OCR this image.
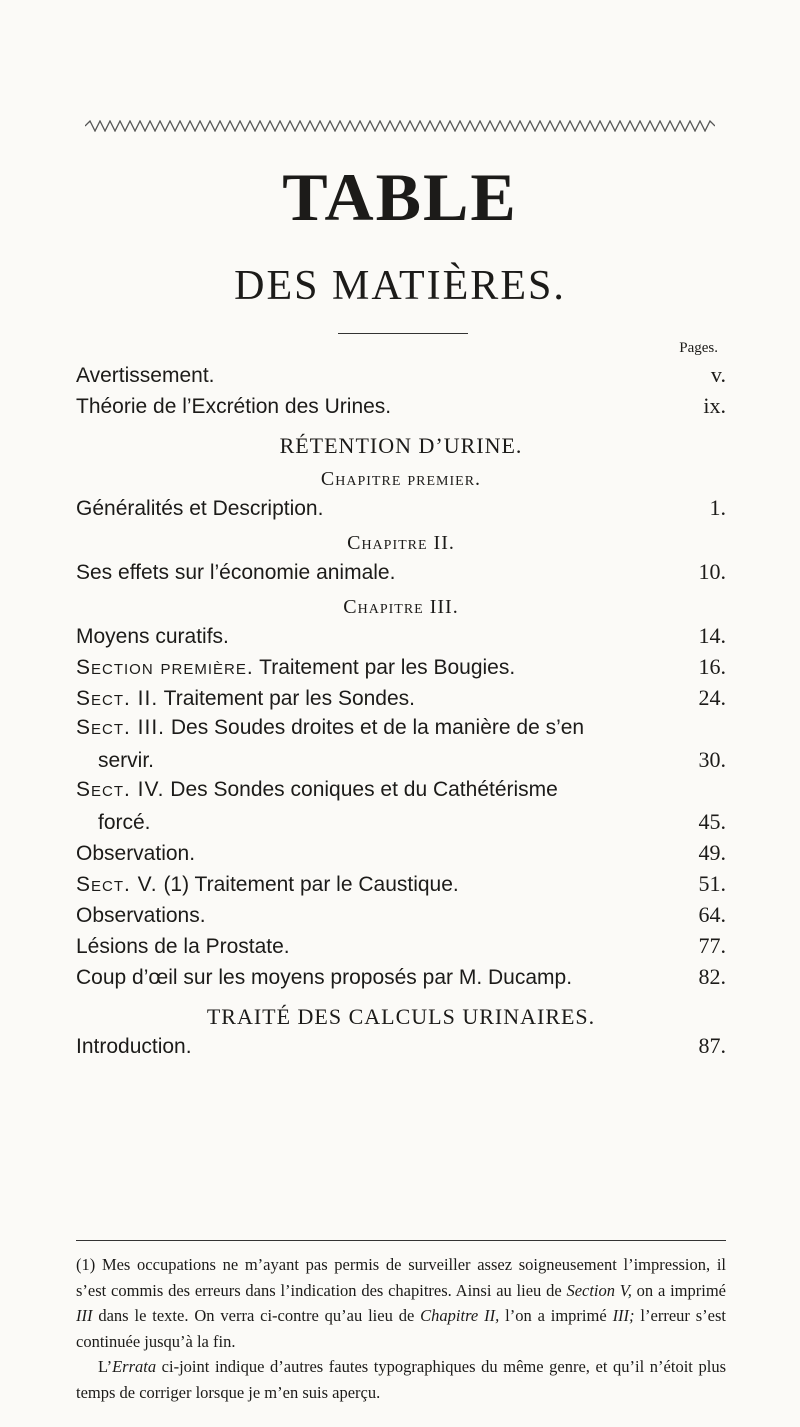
TABLE
DES MATIÈRES.
Pages.
Avertissement.	v.
Théorie de l’Excrétion des Urines.	ix.
RÉTENTION D’URINE.
Chapitre premier.
Généralités et Description.	1.
Chapitre II.
Ses effets sur l’économie animale.	10.
Chapitre III.
Moyens curatifs.	14.
Section première. Traitement par les Bougies.	16.
Sect. II. Traitement par les Sondes.	24.
Sect. III. Des Soudes droites et de la manière de s’en
servir.	30.
Sect. IV. Des Sondes coniques et du Cathétérisme
forcé.	45.
Observation.	49.
Sect. V. (1) Traitement par le Caustique.	51.
Observations.	64.
Lésions de la Prostate.	77.
Coup d’œil sur les moyens proposés par M. Ducamp.	82.
TRAITÉ DES CALCULS URINAIRES.
Introduction.	87.

(1) Mes occupations ne m’ayant pas permis de surveiller assez soigneusement l’impression, il s’est commis des erreurs dans l’indication des chapitres. Ainsi au lieu de Section V, on a imprimé III dans le texte. On verra ci-contre qu’au lieu de Chapitre II, l’on a imprimé III; l’erreur s’est continuée jusqu’à la fin.

L’Errata ci-joint indique d’autres fautes typographiques du même genre, et qu’il n’étoit plus temps de corriger lorsque je m’en suis aperçu.
